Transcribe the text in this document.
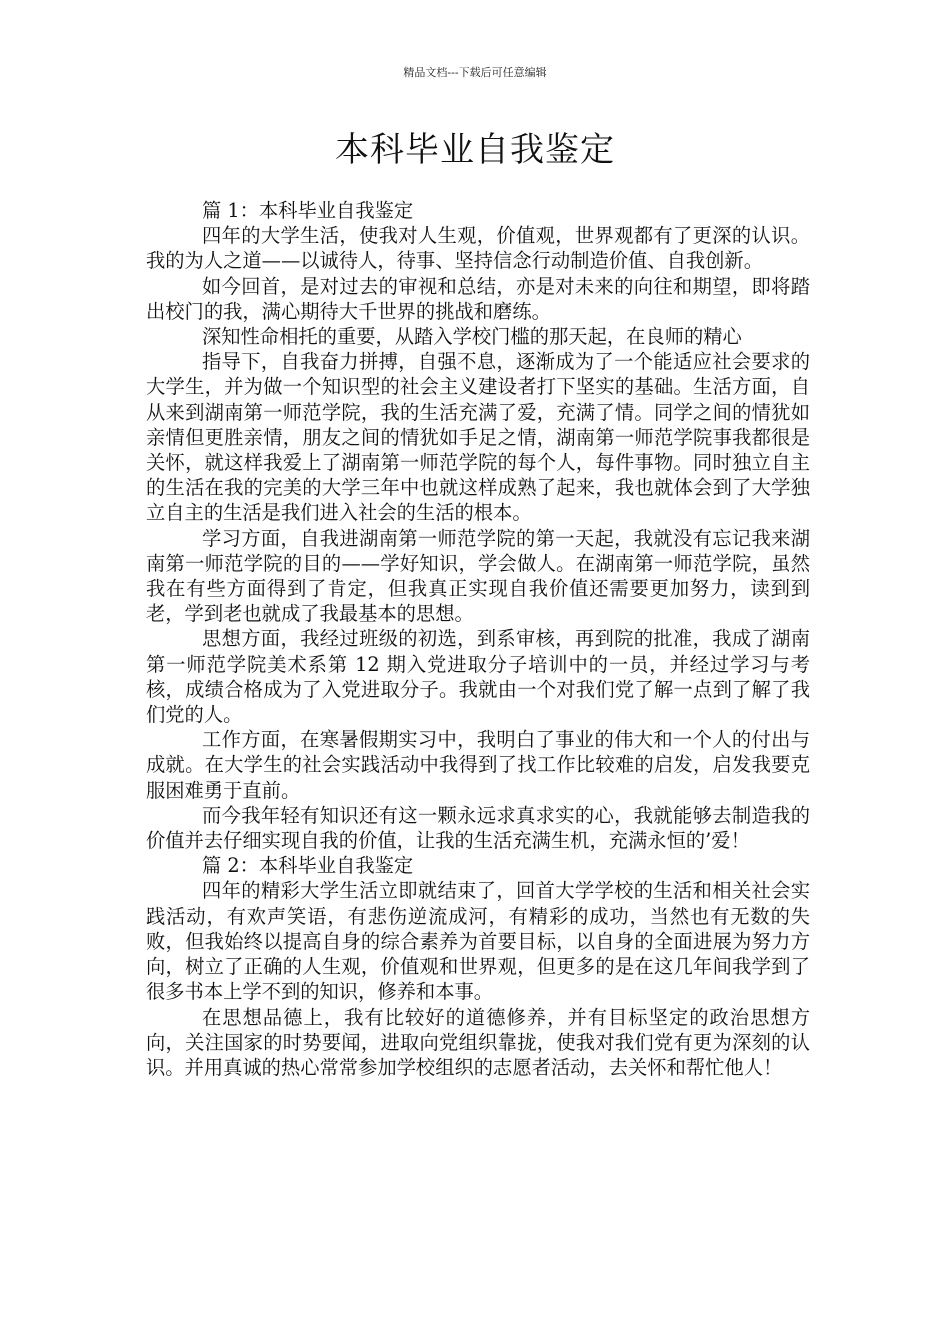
精品文档---下载后可任意编辑
本科毕业自我鉴定

篇 1：本科毕业自我鉴定

四年的大学生活，使我对人生观，价值观，世界观都有了更深的认识。我的为人之道——以诚待人，待事、坚持信念行动制造价值、自我创新。

如今回首，是对过去的审视和总结，亦是对未来的向往和期望，即将踏出校门的我，满心期待大千世界的挑战和磨练。

深知性命相托的重要，从踏入学校门槛的那天起，在良师的精心

指导下，自我奋力拼搏，自强不息，逐渐成为了一个能适应社会要求的大学生，并为做一个知识型的社会主义建设者打下坚实的基础。生活方面，自从来到湖南第一师范学院，我的生活充满了爱，充满了情。同学之间的情犹如亲情但更胜亲情，朋友之间的情犹如手足之情，湖南第一师范学院事我都很是关怀，就这样我爱上了湖南第一师范学院的每个人，每件事物。同时独立自主的生活在我的完美的大学三年中也就这样成熟了起来，我也就体会到了大学独立自主的生活是我们进入社会的生活的根本。

学习方面，自我进湖南第一师范学院的第一天起，我就没有忘记我来湖南第一师范学院的目的——学好知识，学会做人。在湖南第一师范学院，虽然我在有些方面得到了肯定，但我真正实现自我价值还需要更加努力，读到到老，学到老也就成了我最基本的思想。

思想方面，我经过班级的初选，到系审核，再到院的批准，我成了湖南第一师范学院美术系第 12 期入党进取分子培训中的一员，并经过学习与考核，成绩合格成为了入党进取分子。我就由一个对我们党了解一点到了解了我们党的人。

工作方面，在寒暑假期实习中，我明白了事业的伟大和一个人的付出与成就。在大学生的社会实践活动中我得到了找工作比较难的启发，启发我要克服困难勇于直前。

而今我年轻有知识还有这一颗永远求真求实的心，我就能够去制造我的价值并去仔细实现自我的价值，让我的生活充满生机，充满永恒的’爱！

篇 2：本科毕业自我鉴定

四年的精彩大学生活立即就结束了，回首大学学校的生活和相关社会实践活动，有欢声笑语，有悲伤逆流成河，有精彩的成功，当然也有无数的失败，但我始终以提高自身的综合素养为首要目标，以自身的全面进展为努力方向，树立了正确的人生观，价值观和世界观，但更多的是在这几年间我学到了很多书本上学不到的知识，修养和本事。

在思想品德上，我有比较好的道德修养，并有目标坚定的政治思想方向，关注国家的时势要闻，进取向党组织靠拢，使我对我们党有更为深刻的认识。并用真诚的热心常常参加学校组织的志愿者活动，去关怀和帮忙他人！
